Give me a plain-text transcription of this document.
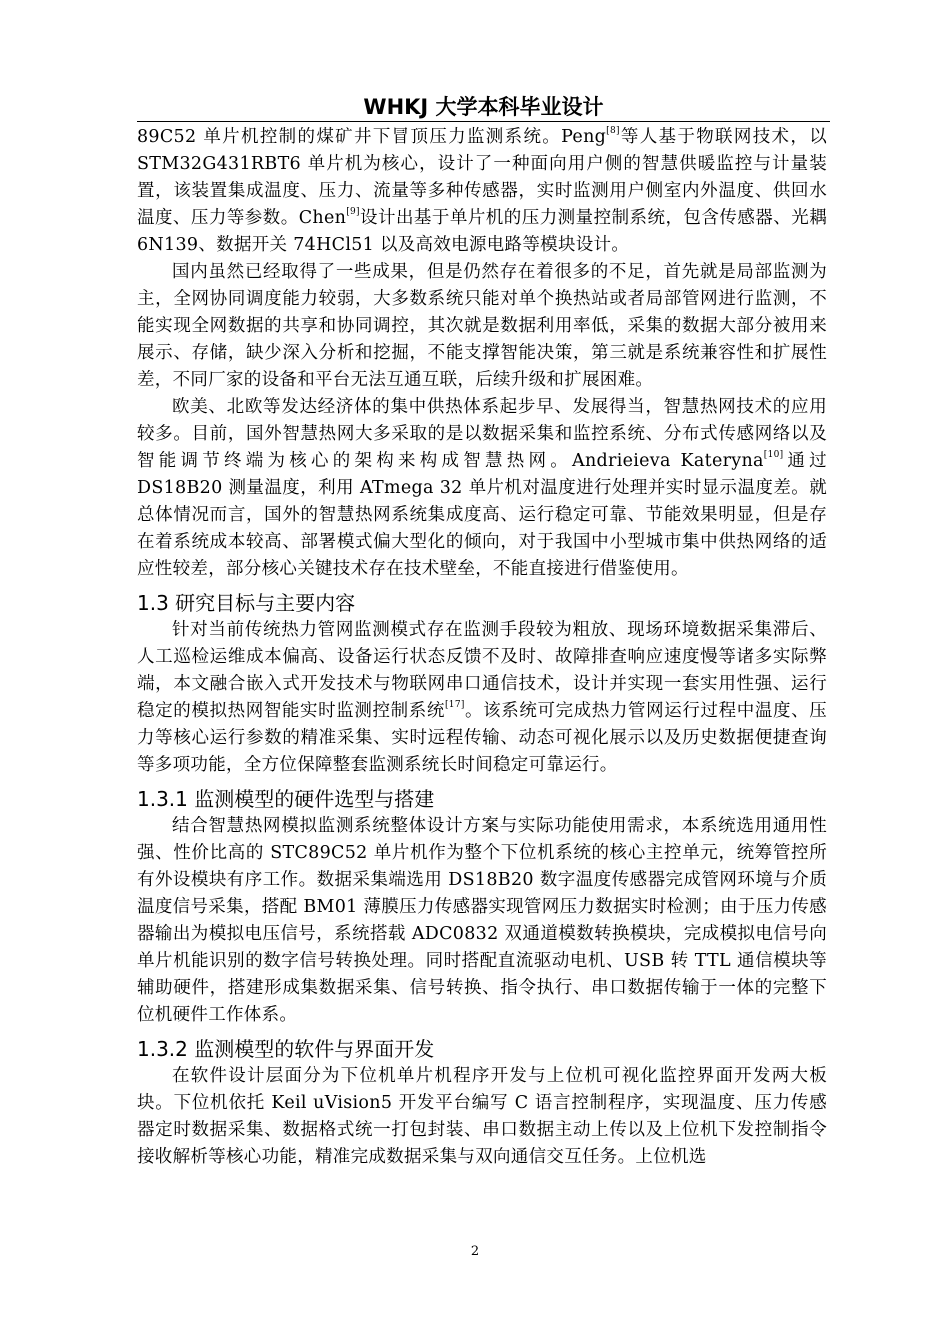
WHKJ 大学本科毕业设计

89C52 单片机控制的煤矿井下冒顶压力监测系统。Peng[8]等人基于物联网技术，以 STM32G431RBT6 单片机为核心，设计了一种面向用户侧的智慧供暖监控与计量装置，该装置集成温度、压力、流量等多种传感器，实时监测用户侧室内外温度、供回水温度、压力等参数。Chen[9]设计出基于单片机的压力测量控制系统，包含传感器、光耦 6N139、数据开关 74HCl51 以及高效电源电路等模块设计。

国内虽然已经取得了一些成果，但是仍然存在着很多的不足，首先就是局部监测为主，全网协同调度能力较弱，大多数系统只能对单个换热站或者局部管网进行监测，不能实现全网数据的共享和协同调控，其次就是数据利用率低，采集的数据大部分被用来展示、存储，缺少深入分析和挖掘，不能支撑智能决策，第三就是系统兼容性和扩展性差，不同厂家的设备和平台无法互通互联，后续升级和扩展困难。

欧美、北欧等发达经济体的集中供热体系起步早、发展得当，智慧热网技术的应用较多。目前，国外智慧热网大多采取的是以数据采集和监控系统、分布式传感网络以及智能调节终端为核心的架构来构成智慧热网。Andrieieva Kateryna[10]通过 DS18B20 测量温度，利用 ATmega 32 单片机对温度进行处理并实时显示温度差。就总体情况而言，国外的智慧热网系统集成度高、运行稳定可靠、节能效果明显，但是存在着系统成本较高、部署模式偏大型化的倾向，对于我国中小型城市集中供热网络的适应性较差，部分核心关键技术存在技术壁垒，不能直接进行借鉴使用。

1.3 研究目标与主要内容

针对当前传统热力管网监测模式存在监测手段较为粗放、现场环境数据采集滞后、人工巡检运维成本偏高、设备运行状态反馈不及时、故障排查响应速度慢等诸多实际弊端，本文融合嵌入式开发技术与物联网串口通信技术，设计并实现一套实用性强、运行稳定的模拟热网智能实时监测控制系统[17]。该系统可完成热力管网运行过程中温度、压力等核心运行参数的精准采集、实时远程传输、动态可视化展示以及历史数据便捷查询等多项功能，全方位保障整套监测系统长时间稳定可靠运行。

1.3.1 监测模型的硬件选型与搭建

结合智慧热网模拟监测系统整体设计方案与实际功能使用需求，本系统选用通用性强、性价比高的 STC89C52 单片机作为整个下位机系统的核心主控单元，统筹管控所有外设模块有序工作。数据采集端选用 DS18B20 数字温度传感器完成管网环境与介质温度信号采集，搭配 BM01 薄膜压力传感器实现管网压力数据实时检测；由于压力传感器输出为模拟电压信号，系统搭载 ADC0832 双通道模数转换模块，完成模拟电信号向单片机能识别的数字信号转换处理。同时搭配直流驱动电机、USB 转 TTL 通信模块等辅助硬件，搭建形成集数据采集、信号转换、指令执行、串口数据传输于一体的完整下位机硬件工作体系。

1.3.2 监测模型的软件与界面开发

在软件设计层面分为下位机单片机程序开发与上位机可视化监控界面开发两大板块。下位机依托 Keil uVision5 开发平台编写 C 语言控制程序，实现温度、压力传感器定时数据采集、数据格式统一打包封装、串口数据主动上传以及上位机下发控制指令接收解析等核心功能，精准完成数据采集与双向通信交互任务。上位机选

2
